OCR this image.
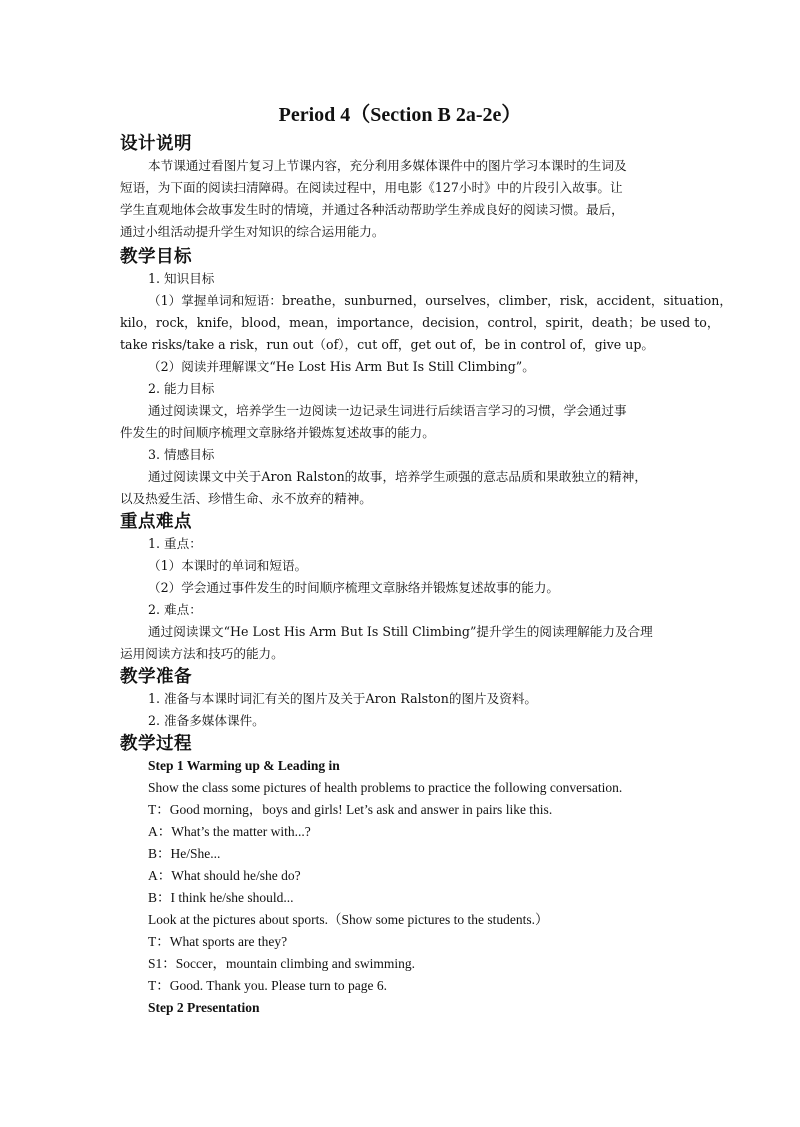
Period 4（Section B 2a-2e）
设计说明
本节课通过看图片复习上节课内容，充分利用多媒体课件中的图片学习本课时的生词及
短语，为下面的阅读扫清障碍。在阅读过程中，用电影《127小时》中的片段引入故事。让
学生直观地体会故事发生时的情境，并通过各种活动帮助学生养成良好的阅读习惯。最后，
通过小组活动提升学生对知识的综合运用能力。
教学目标
1. 知识目标
（1）掌握单词和短语：breathe，sunburned，ourselves，climber，risk，accident，situation，
kilo，rock，knife，blood，mean，importance，decision，control，spirit，death；be used to，
take risks/take a risk，run out（of），cut off，get out of，be in control of，give up。
（2）阅读并理解课文“He Lost His Arm But Is Still Climbing”。
2. 能力目标
通过阅读课文，培养学生一边阅读一边记录生词进行后续语言学习的习惯，学会通过事
件发生的时间顺序梳理文章脉络并锻炼复述故事的能力。
3. 情感目标
通过阅读课文中关于Aron Ralston的故事，培养学生顽强的意志品质和果敢独立的精神，
以及热爱生活、珍惜生命、永不放弃的精神。
重点难点
1. 重点：
（1）本课时的单词和短语。
（2）学会通过事件发生的时间顺序梳理文章脉络并锻炼复述故事的能力。
2. 难点：
通过阅读课文“He Lost His Arm But Is Still Climbing”提升学生的阅读理解能力及合理
运用阅读方法和技巧的能力。
教学准备
1. 准备与本课时词汇有关的图片及关于Aron Ralston的图片及资料。
2. 准备多媒体课件。
教学过程
Step 1 Warming up & Leading in
Show the class some pictures of health problems to practice the following conversation.
T：Good morning，boys and girls! Let’s ask and answer in pairs like this.
A：What’s the matter with...?
B：He/She...
A：What should he/she do?
B：I think he/she should...
Look at the pictures about sports.（Show some pictures to the students.）
T：What sports are they?
S1：Soccer，mountain climbing and swimming.
T：Good. Thank you. Please turn to page 6.
Step 2 Presentation
